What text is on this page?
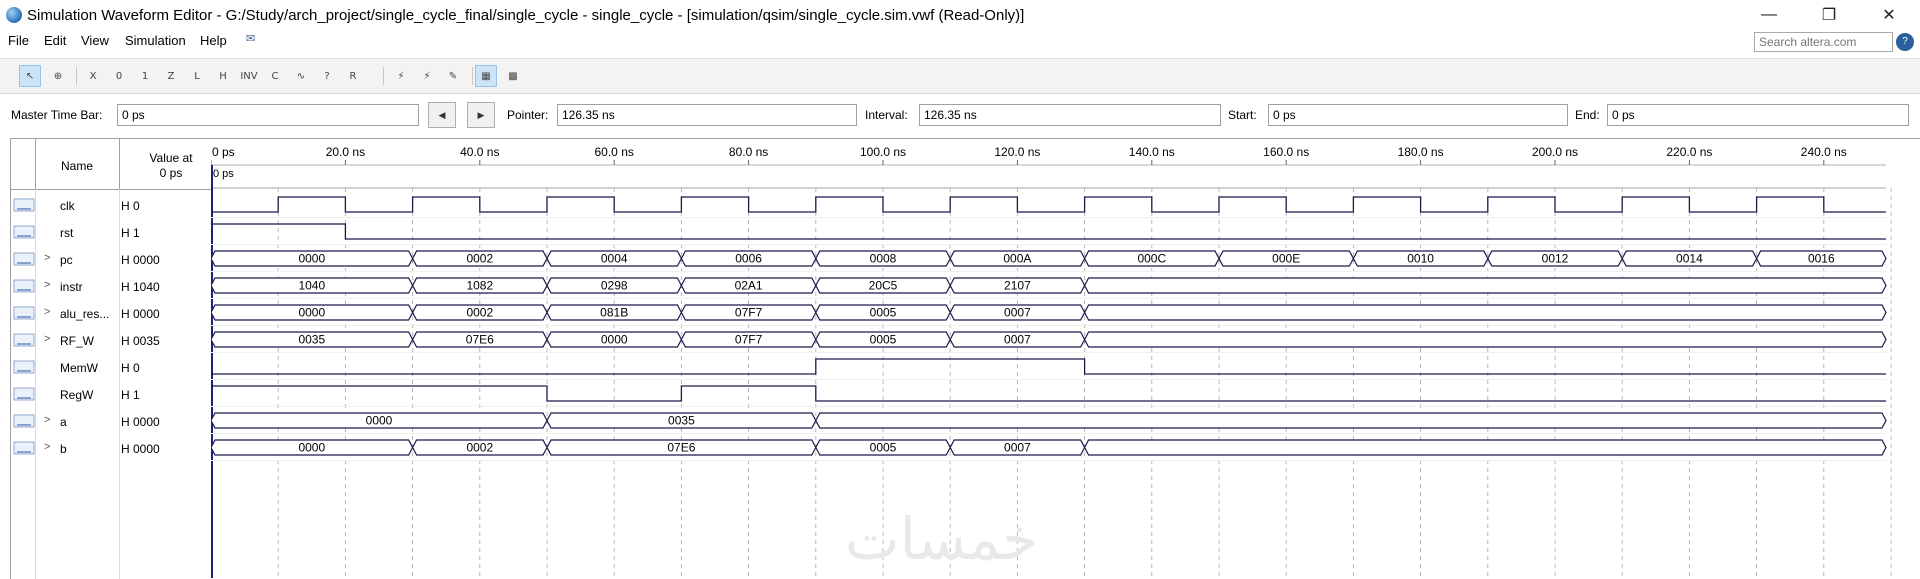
Simulation Waveform Editor - G:/Study/arch_project/single_cycle_final/single_cycle - single_cycle - [simulation/qsim/single_cycle.sim.vwf (Read-Only)]	—	❐	✕
File Edit View Simulation Help ✉
Search altera.com	?
↖	⊕	X	0	1	Z	L	H	INV	C	∿	?	R	⚡	⚡	✎	▦	▩
Master Time Bar:	0 ps	◀	▶	Pointer:	126.35 ns	Interval:	126.35 ns	Start:	0 ps	End:	0 ps
Name
Value at
0 ps
clk	H 0
rst	H 1
> pc	H 0000
> instr	H 1040
> alu_res... H 0000
> RF_W H 0035
MemW H 0
RegW H 1
> a	H 0000
> b	H 0000
0 ps	20.0 ns	40.0 ns	60.0 ns	80.0 ns	100.0 ns	120.0 ns	140.0 ns	160.0 ns	180.0 ns	200.0 ns	220.0 ns	240.0 ns
0 ps
0000	0002	0004	0006	0008	000A	000C	000E	0010	0012	0014	0016
1040	1082	0298	02A1	20C5	2107
0000	0002	081B	07F7	0005	0007
0035	07E6	0000	07F7	0005	0007
0000	0035
0000	0002	07E6	0005	0007
خمسات
